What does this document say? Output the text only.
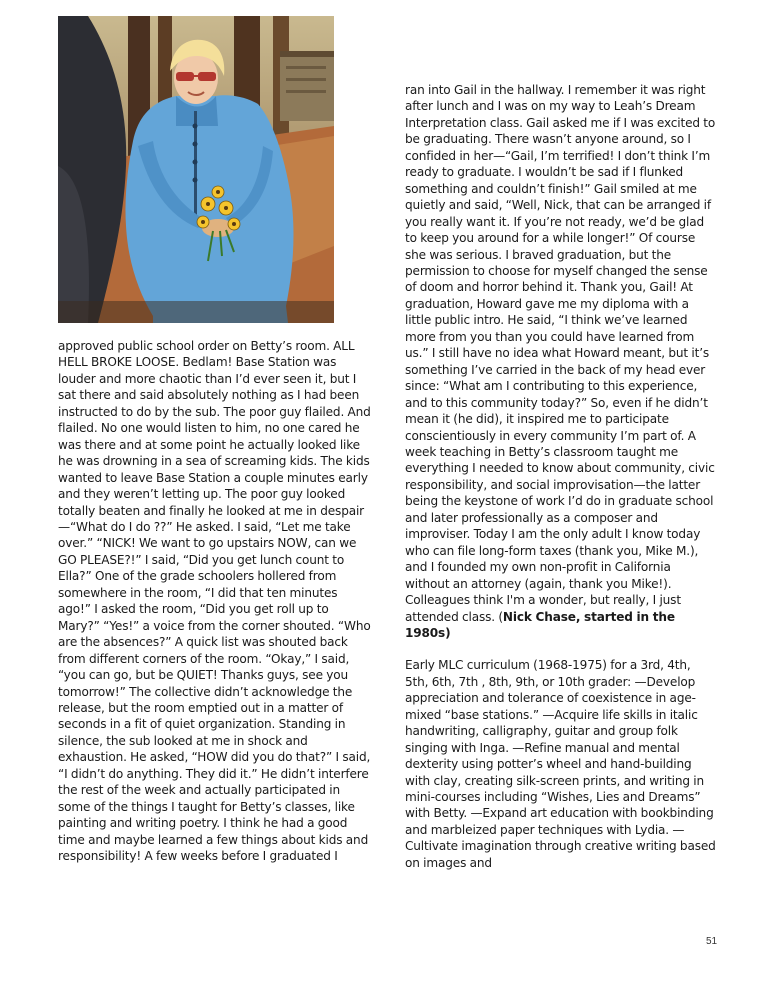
approved public school order on Betty’s room. ALL HELL BROKE LOOSE. Bedlam! Base Station was louder and more chaotic than I’d ever seen it, but I sat there and said absolutely nothing as I had been instructed to do by the sub. The poor guy flailed. And flailed. No one would listen to him, no one cared he was there and at some point he actually looked like he was drowning in a sea of screaming kids. The kids wanted to leave Base Station a couple minutes early and they weren’t letting up. The poor guy looked totally beaten and finally he looked at me in despair—“What do I do ??” He asked. I said, “Let me take over.” “NICK! We want to go upstairs NOW, can we GO PLEASE?!” I said, “Did you get lunch count to Ella?” One of the grade schoolers hollered from somewhere in the room, “I did that ten minutes ago!” I asked the room, “Did you get roll up to Mary?” “Yes!” a voice from the corner shouted. “Who are the absences?” A quick list was shouted back from different corners of the room. “Okay,” I said, “you can go, but be QUIET! Thanks guys, see you tomorrow!” The collective didn’t acknowledge the release, but the room emptied out in a matter of seconds in a fit of quiet organization. Standing in silence, the sub looked at me in shock and exhaustion. He asked, “HOW did you do that?” I said, “I didn’t do anything. They did it.” He didn’t interfere the rest of the week and actually participated in some of the things I taught for Betty’s classes, like painting and writing poetry. I think he had a good time and maybe learned a few things about kids and responsibility! A few weeks before I graduated I

ran into Gail in the hallway. I remember it was right after lunch and I was on my way to Leah’s Dream Interpretation class. Gail asked me if I was excited to be graduating. There wasn’t anyone around, so I confided in her—“Gail, I’m terrified! I don’t think I’m ready to graduate. I wouldn’t be sad if I flunked something and couldn’t finish!” Gail smiled at me quietly and said, “Well, Nick, that can be arranged if you really want it. If you’re not ready, we’d be glad to keep you around for a while longer!” Of course she was serious. I braved graduation, but the permission to choose for myself changed the sense of doom and horror behind it. Thank you, Gail! At graduation, Howard gave me my diploma with a little public intro. He said, “I think we’ve learned more from you than you could have learned from us.” I still have no idea what Howard meant, but it’s something I’ve carried in the back of my head ever since: “What am I contributing to this experience, and to this community today?” So, even if he didn’t mean it (he did), it inspired me to participate conscientiously in every community I’m part of. A week teaching in Betty’s classroom taught me everything I needed to know about community, civic responsibility, and social improvisation—the latter being the keystone of work I’d do in graduate school and later professionally as a composer and improviser. Today I am the only adult I know today who can file long-form taxes (thank you, Mike M.), and I founded my own non-profit in California without an attorney (again, thank you Mike!). Colleagues think I'm a wonder, but really, I just attended class. (Nick Chase, started in the 1980s)

Early MLC curriculum (1968-1975) for a 3rd, 4th, 5th, 6th, 7th , 8th, 9th, or 10th grader: —Develop appreciation and tolerance of coexistence in age-mixed “base stations.” —Acquire life skills in italic handwriting, calligraphy, guitar and group folk singing with Inga. —Refine manual and mental dexterity using potter’s wheel and hand-building with clay, creating silk-screen prints, and writing in mini-courses including “Wishes, Lies and Dreams” with Betty. —Expand art education with bookbinding and marbleized paper techniques with Lydia. —Cultivate imagination through creative writing based on images and

51
